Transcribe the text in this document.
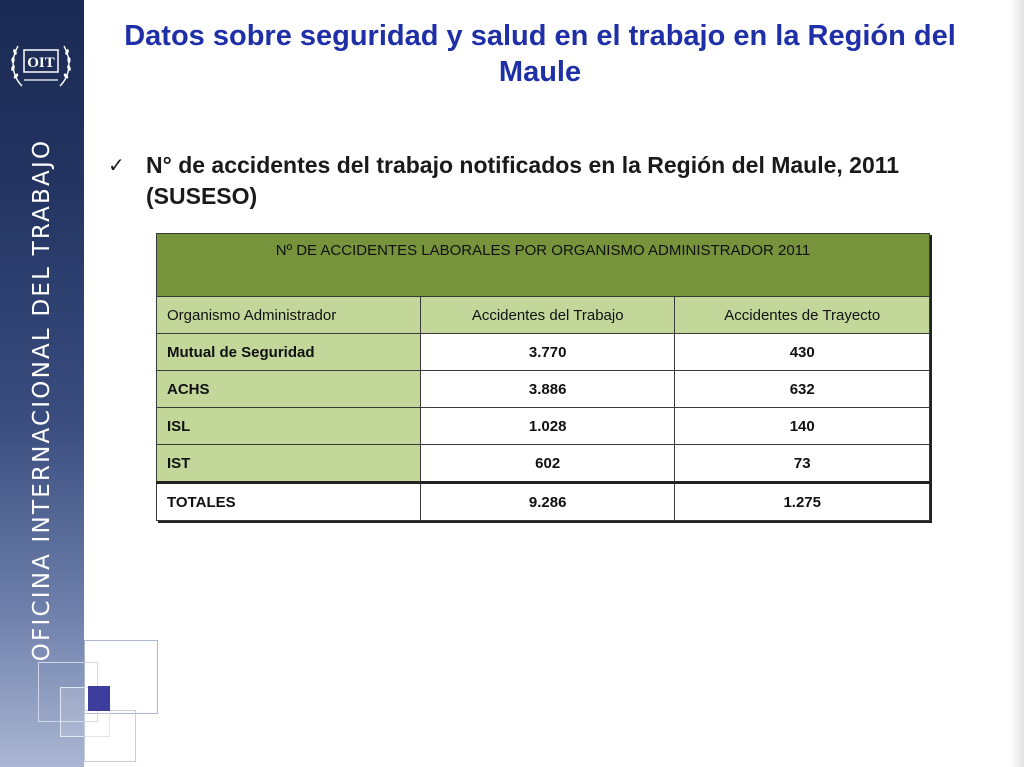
OIT
OFICINA INTERNACIONAL DEL TRABAJO
Datos sobre seguridad y salud en el trabajo en la Región del Maule
✓ N° de accidentes del trabajo notificados en la Región del Maule, 2011 (SUSESO)
Nº DE ACCIDENTES LABORALES POR ORGANISMO ADMINISTRADOR 2011		
Organismo Administrador	Accidentes del Trabajo	Accidentes de Trayecto
Mutual de Seguridad	3.770	430
ACHS	3.886	632
ISL	1.028	140
IST	602	73
TOTALES	9.286	1.275
